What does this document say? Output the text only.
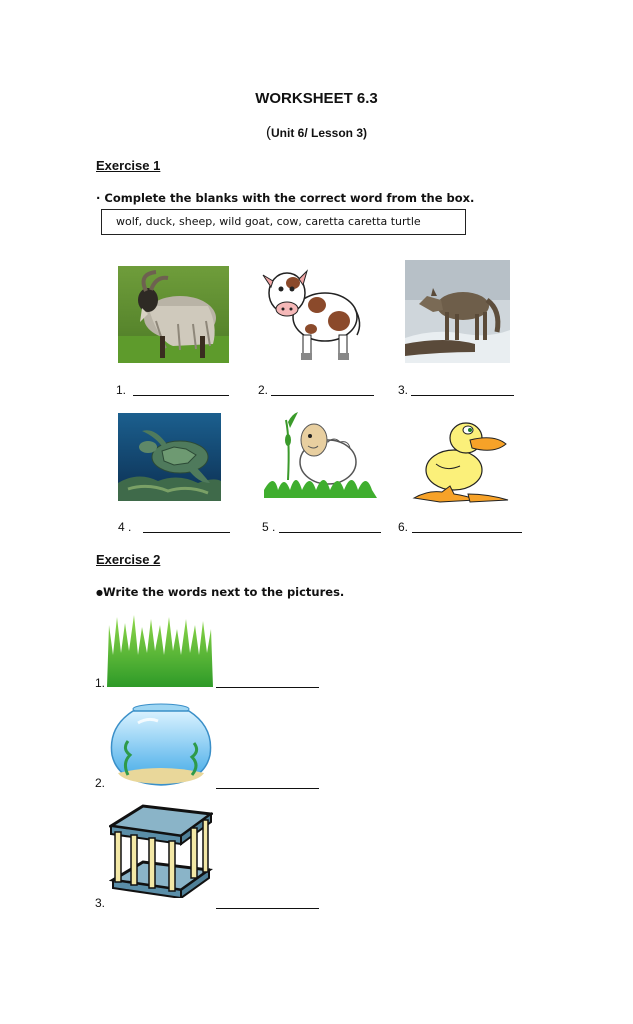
WORKSHEET 6.3
(Unit 6/ Lesson 3)
Exercise 1
· Complete the blanks with the correct word from the box.
wolf, duck, sheep, wild goat, cow, caretta caretta turtle
1.	2.	3.
4 .	5 .	6.
Exercise 2
●Write the words next to the pictures.
1.
2.
3.
